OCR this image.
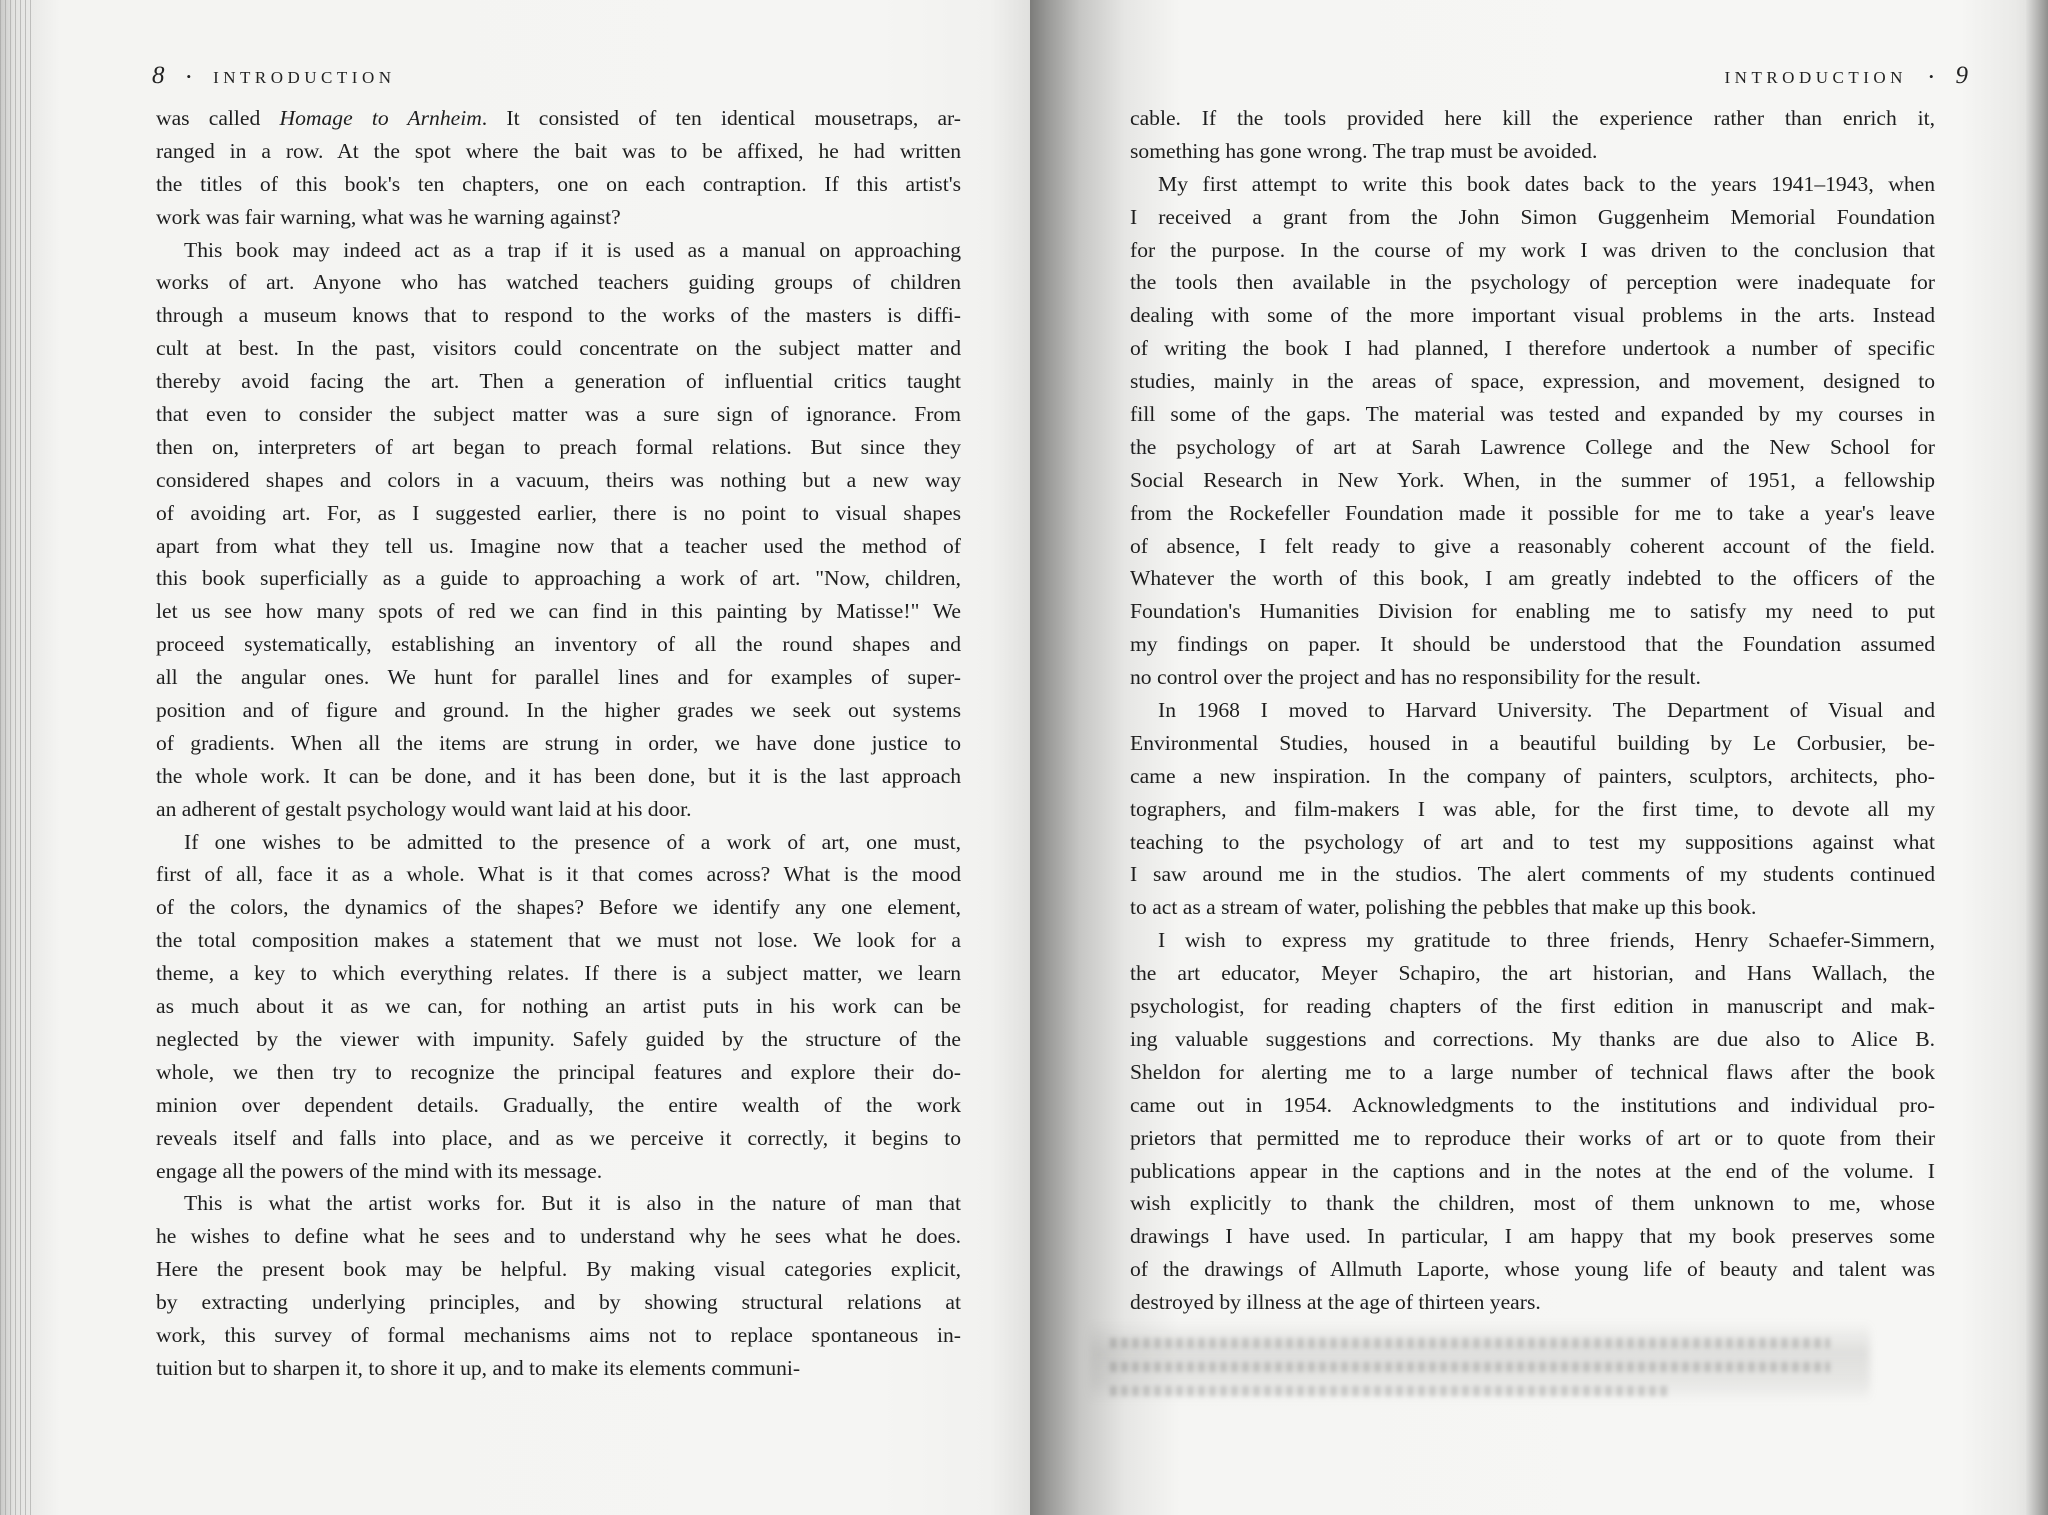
8 • INTRODUCTION

was called Homage to Arnheim. It consisted of ten identical mousetraps, ar-
ranged in a row. At the spot where the bait was to be affixed, he had written
the titles of this book's ten chapters, one on each contraption. If this artist's
work was fair warning, what was he warning against?

This book may indeed act as a trap if it is used as a manual on approaching
works of art. Anyone who has watched teachers guiding groups of children
through a museum knows that to respond to the works of the masters is diffi-
cult at best. In the past, visitors could concentrate on the subject matter and
thereby avoid facing the art. Then a generation of influential critics taught
that even to consider the subject matter was a sure sign of ignorance. From
then on, interpreters of art began to preach formal relations. But since they
considered shapes and colors in a vacuum, theirs was nothing but a new way
of avoiding art. For, as I suggested earlier, there is no point to visual shapes
apart from what they tell us. Imagine now that a teacher used the method of
this book superficially as a guide to approaching a work of art. "Now, children,
let us see how many spots of red we can find in this painting by Matisse!" We
proceed systematically, establishing an inventory of all the round shapes and
all the angular ones. We hunt for parallel lines and for examples of super-
position and of figure and ground. In the higher grades we seek out systems
of gradients. When all the items are strung in order, we have done justice to
the whole work. It can be done, and it has been done, but it is the last approach
an adherent of gestalt psychology would want laid at his door.

If one wishes to be admitted to the presence of a work of art, one must,
first of all, face it as a whole. What is it that comes across? What is the mood
of the colors, the dynamics of the shapes? Before we identify any one element,
the total composition makes a statement that we must not lose. We look for a
theme, a key to which everything relates. If there is a subject matter, we learn
as much about it as we can, for nothing an artist puts in his work can be
neglected by the viewer with impunity. Safely guided by the structure of the
whole, we then try to recognize the principal features and explore their do-
minion over dependent details. Gradually, the entire wealth of the work
reveals itself and falls into place, and as we perceive it correctly, it begins to
engage all the powers of the mind with its message.

This is what the artist works for. But it is also in the nature of man that
he wishes to define what he sees and to understand why he sees what he does.
Here the present book may be helpful. By making visual categories explicit,
by extracting underlying principles, and by showing structural relations at
work, this survey of formal mechanisms aims not to replace spontaneous in-
tuition but to sharpen it, to shore it up, and to make its elements communi-

INTRODUCTION • 9

cable. If the tools provided here kill the experience rather than enrich it,
something has gone wrong. The trap must be avoided.

My first attempt to write this book dates back to the years 1941–1943, when
I received a grant from the John Simon Guggenheim Memorial Foundation
for the purpose. In the course of my work I was driven to the conclusion that
the tools then available in the psychology of perception were inadequate for
dealing with some of the more important visual problems in the arts. Instead
of writing the book I had planned, I therefore undertook a number of specific
studies, mainly in the areas of space, expression, and movement, designed to
fill some of the gaps. The material was tested and expanded by my courses in
the psychology of art at Sarah Lawrence College and the New School for
Social Research in New York. When, in the summer of 1951, a fellowship
from the Rockefeller Foundation made it possible for me to take a year's leave
of absence, I felt ready to give a reasonably coherent account of the field.
Whatever the worth of this book, I am greatly indebted to the officers of the
Foundation's Humanities Division for enabling me to satisfy my need to put
my findings on paper. It should be understood that the Foundation assumed
no control over the project and has no responsibility for the result.

In 1968 I moved to Harvard University. The Department of Visual and
Environmental Studies, housed in a beautiful building by Le Corbusier, be-
came a new inspiration. In the company of painters, sculptors, architects, pho-
tographers, and film-makers I was able, for the first time, to devote all my
teaching to the psychology of art and to test my suppositions against what
I saw around me in the studios. The alert comments of my students continued
to act as a stream of water, polishing the pebbles that make up this book.

I wish to express my gratitude to three friends, Henry Schaefer-Simmern,
the art educator, Meyer Schapiro, the art historian, and Hans Wallach, the
psychologist, for reading chapters of the first edition in manuscript and mak-
ing valuable suggestions and corrections. My thanks are due also to Alice B.
Sheldon for alerting me to a large number of technical flaws after the book
came out in 1954. Acknowledgments to the institutions and individual pro-
prietors that permitted me to reproduce their works of art or to quote from their
publications appear in the captions and in the notes at the end of the volume. I
wish explicitly to thank the children, most of them unknown to me, whose
drawings I have used. In particular, I am happy that my book preserves some
of the drawings of Allmuth Laporte, whose young life of beauty and talent was
destroyed by illness at the age of thirteen years.
